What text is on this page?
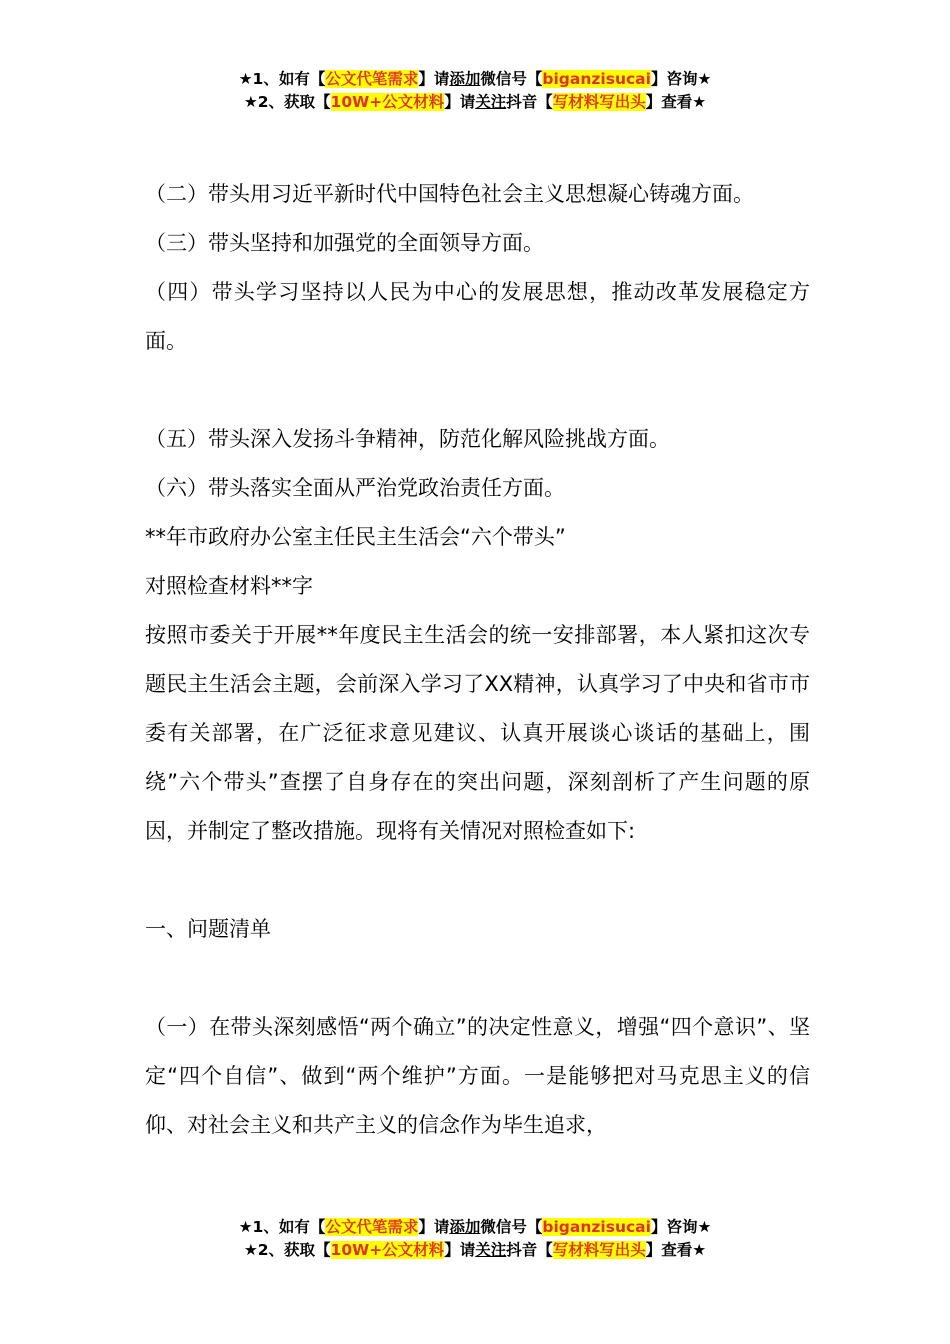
★1、如有【公文代笔需求】请添加微信号【biganzisucai】咨询★
★2、获取【10W+公文材料】请关注抖音【写材料写出头】查看★

（二）带头用习近平新时代中国特色社会主义思想凝心铸魂方面。

（三）带头坚持和加强党的全面领导方面。

（四）带头学习坚持以人民为中心的发展思想，推动改革发展稳定方面。

（五）带头深入发扬斗争精神，防范化解风险挑战方面。

（六）带头落实全面从严治党政治责任方面。

**年市政府办公室主任民主生活会“六个带头”

对照检查材料**字

按照市委关于开展**年度民主生活会的统一安排部署，本人紧扣这次专题民主生活会主题，会前深入学习了XX精神，认真学习了中央和省市市委有关部署，在广泛征求意见建议、认真开展谈心谈话的基础上，围绕”六个带头”查摆了自身存在的突出问题，深刻剖析了产生问题的原因，并制定了整改措施。现将有关情况对照检查如下:

一、问题清单

（一）在带头深刻感悟“两个确立”的决定性意义，增强“四个意识”、坚定“四个自信”、做到“两个维护”方面。一是能够把对马克思主义的信仰、对社会主义和共产主义的信念作为毕生追求，

★1、如有【公文代笔需求】请添加微信号【biganzisucai】咨询★
★2、获取【10W+公文材料】请关注抖音【写材料写出头】查看★
